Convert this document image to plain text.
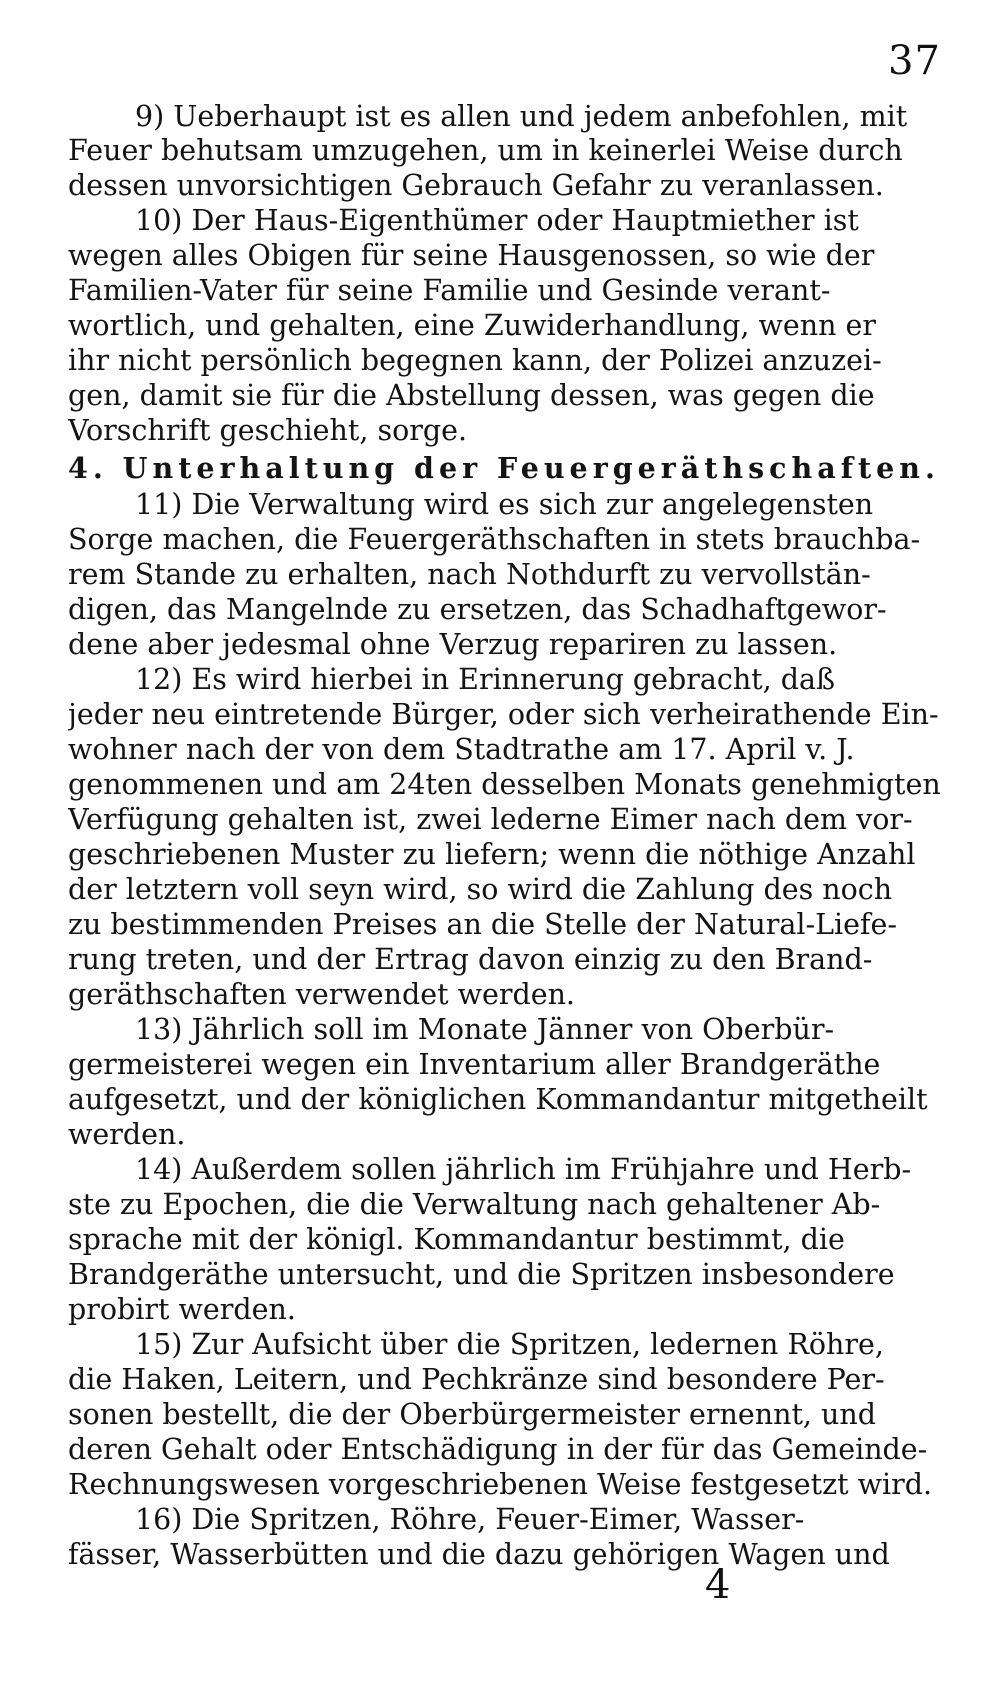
37
9) Ueberhaupt ist es allen und jedem anbefohlen, mit
Feuer behutsam umzugehen, um in keinerlei Weise durch
dessen unvorsichtigen Gebrauch Gefahr zu veranlassen.
10) Der Haus-Eigenthümer oder Hauptmiether ist
wegen alles Obigen für seine Hausgenossen, so wie der
Familien-Vater für seine Familie und Gesinde verant-
wortlich, und gehalten, eine Zuwiderhandlung, wenn er
ihr nicht persönlich begegnen kann, der Polizei anzuzei-
gen, damit sie für die Abstellung dessen, was gegen die
Vorschrift geschieht, sorge.
4. Unterhaltung der Feuergeräthschaften.
11) Die Verwaltung wird es sich zur angelegensten
Sorge machen, die Feuergeräthschaften in stets brauchba-
rem Stande zu erhalten, nach Nothdurft zu vervollstän-
digen, das Mangelnde zu ersetzen, das Schadhaftgewor-
dene aber jedesmal ohne Verzug repariren zu lassen.
12) Es wird hierbei in Erinnerung gebracht, daß
jeder neu eintretende Bürger, oder sich verheirathende Ein-
wohner nach der von dem Stadtrathe am 17. April v. J.
genommenen und am 24ten desselben Monats genehmigten
Verfügung gehalten ist, zwei lederne Eimer nach dem vor-
geschriebenen Muster zu liefern; wenn die nöthige Anzahl
der letztern voll seyn wird, so wird die Zahlung des noch
zu bestimmenden Preises an die Stelle der Natural-Liefe-
rung treten, und der Ertrag davon einzig zu den Brand-
geräthschaften verwendet werden.
13) Jährlich soll im Monate Jänner von Oberbür-
germeisterei wegen ein Inventarium aller Brandgeräthe
aufgesetzt, und der königlichen Kommandantur mitgetheilt
werden.
14) Außerdem sollen jährlich im Frühjahre und Herb-
ste zu Epochen, die die Verwaltung nach gehaltener Ab-
sprache mit der königl. Kommandantur bestimmt, die
Brandgeräthe untersucht, und die Spritzen insbesondere
probirt werden.
15) Zur Aufsicht über die Spritzen, ledernen Röhre,
die Haken, Leitern, und Pechkränze sind besondere Per-
sonen bestellt, die der Oberbürgermeister ernennt, und
deren Gehalt oder Entschädigung in der für das Gemeinde-
Rechnungswesen vorgeschriebenen Weise festgesetzt wird.
16) Die Spritzen, Röhre, Feuer-Eimer, Wasser-
fässer, Wasserbütten und die dazu gehörigen Wagen und
4
